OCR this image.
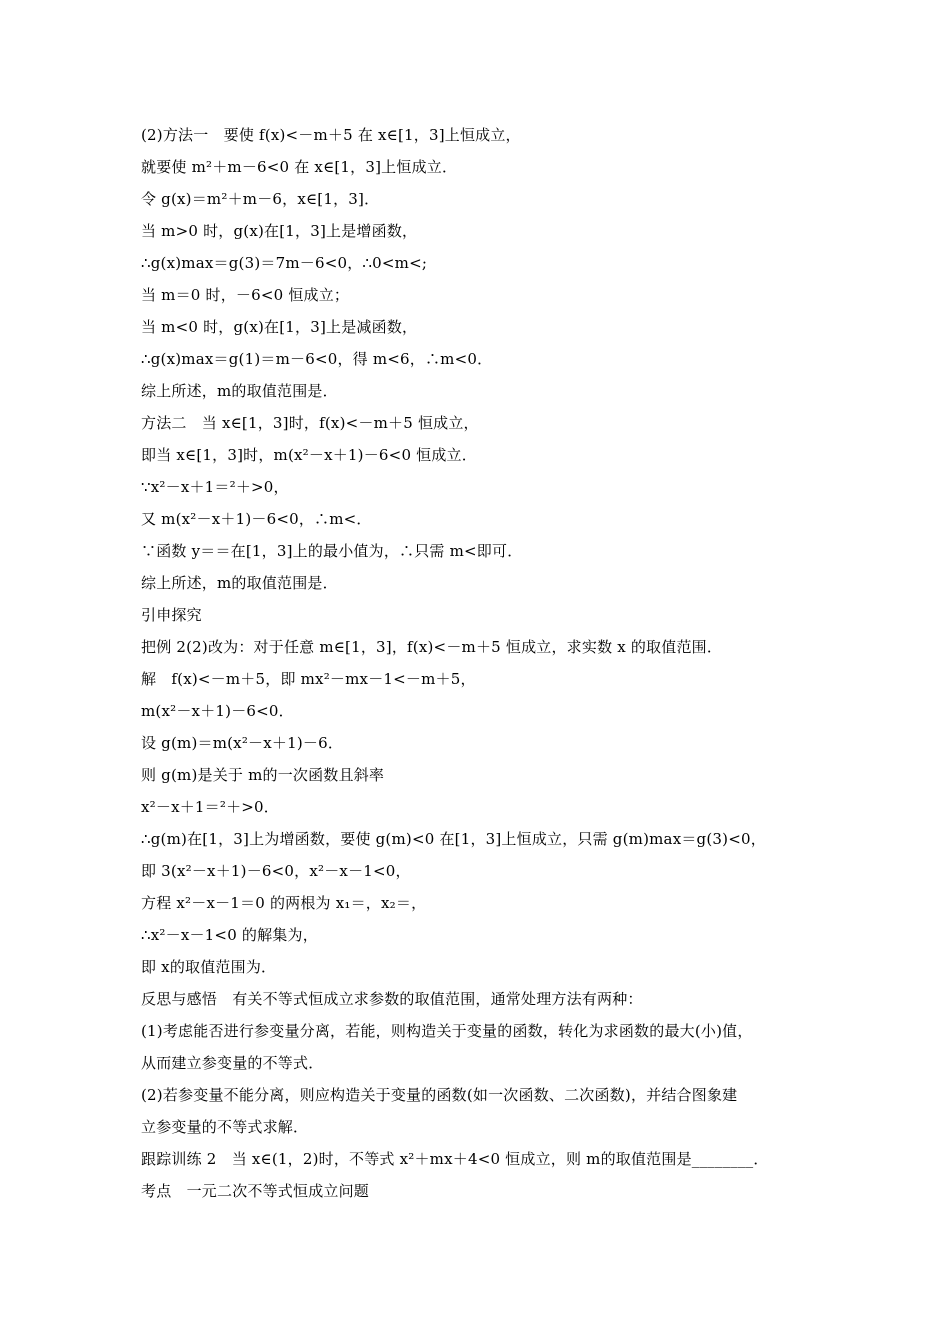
(2)方法一　要使 f(x)<－m＋5 在 x∈[1，3]上恒成立，
就要使 m²＋m－6<0 在 x∈[1，3]上恒成立．
令 g(x)＝m²＋m－6，x∈[1，3]．
当 m>0 时，g(x)在[1，3]上是增函数，
∴g(x)max＝g(3)＝7m－6<0，∴0<m<;
当 m＝0 时，－6<0 恒成立；
当 m<0 时，g(x)在[1，3]上是减函数，
∴g(x)max＝g(1)＝m－6<0，得 m<6，∴m<0．
综上所述，m的取值范围是．
方法二　当 x∈[1，3]时，f(x)<－m＋5 恒成立，
即当 x∈[1，3]时，m(x²－x＋1)－6<0 恒成立．
∵x²－x＋1＝²＋>0，
又 m(x²－x＋1)－6<0，∴m<．
∵函数 y＝＝在[1，3]上的最小值为，∴只需 m<即可．
综上所述，m的取值范围是．
引申探究
把例 2(2)改为：对于任意 m∈[1，3]，f(x)<－m＋5 恒成立，求实数 x 的取值范围．
解　f(x)<－m＋5，即 mx²－mx－1<－m＋5，
m(x²－x＋1)－6<0．
设 g(m)＝m(x²－x＋1)－6．
则 g(m)是关于 m的一次函数且斜率
x²－x＋1＝²＋>0．
∴g(m)在[1，3]上为增函数，要使 g(m)<0 在[1，3]上恒成立，只需 g(m)max＝g(3)<0，
即 3(x²－x＋1)－6<0，x²－x－1<0，
方程 x²－x－1＝0 的两根为 x₁＝，x₂＝，
∴x²－x－1<0 的解集为，
即 x的取值范围为．
反思与感悟　有关不等式恒成立求参数的取值范围，通常处理方法有两种：
(1)考虑能否进行参变量分离，若能，则构造关于变量的函数，转化为求函数的最大(小)值，
从而建立参变量的不等式．
(2)若参变量不能分离，则应构造关于变量的函数(如一次函数、二次函数)，并结合图象建
立参变量的不等式求解．
跟踪训练 2　当 x∈(1，2)时，不等式 x²＋mx＋4<0 恒成立，则 m的取值范围是________．
考点　一元二次不等式恒成立问题
